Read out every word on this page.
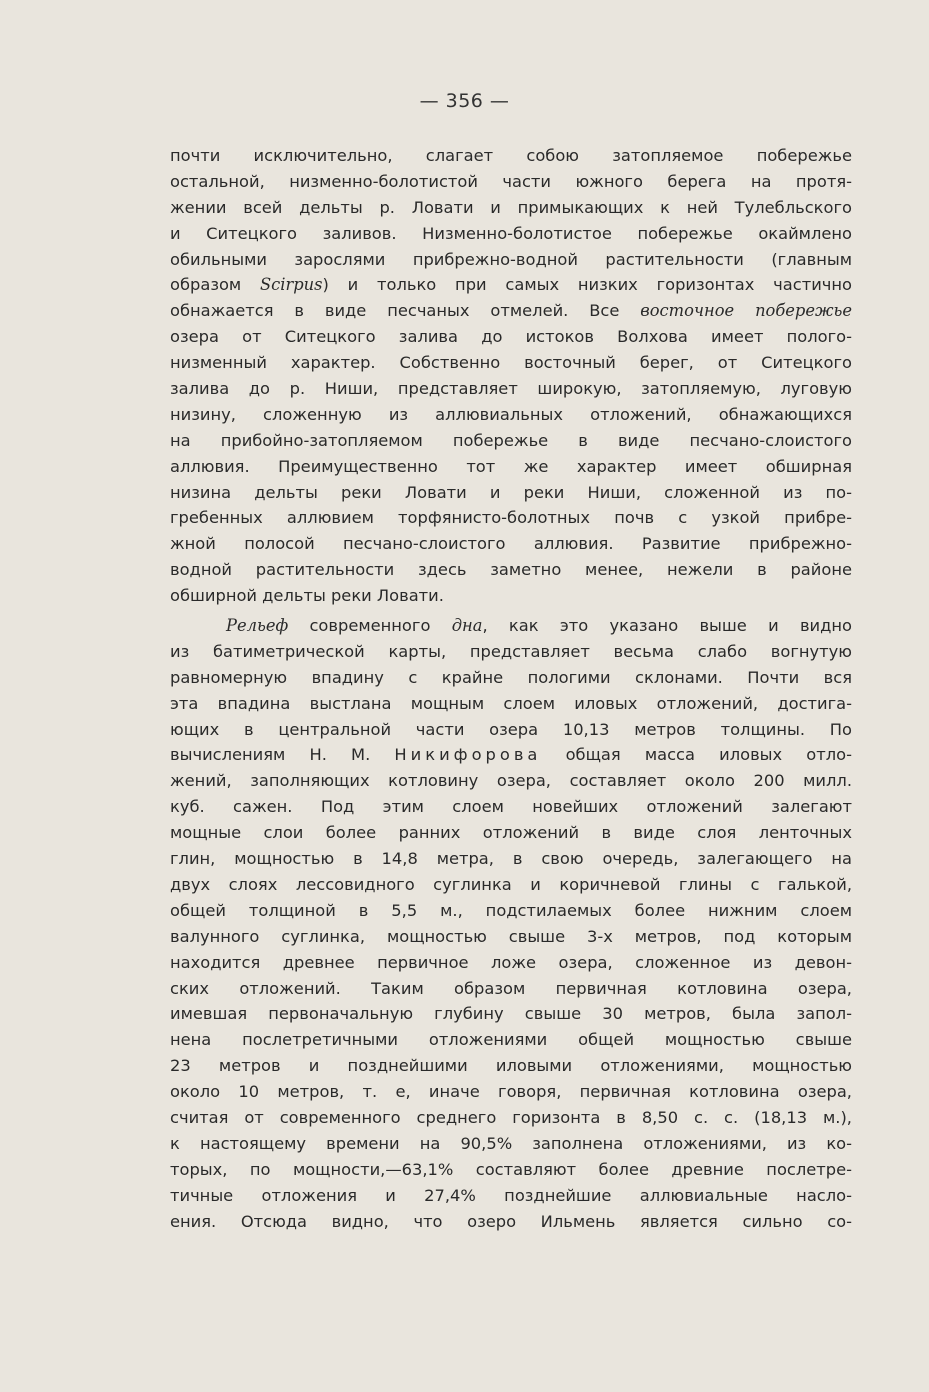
— 356 —
почти исключительно, слагает собою затопляемое побережье
остальной, низменно-болотистой части южного берега на протя-
жении всей дельты р. Ловати и примыкающих к ней Тулебльского
и Ситецкого заливов. Низменно-болотистое побережье окаймлено
обильными зарослями прибрежно-водной растительности (главным
образом Scirpus) и только при самых низких горизонтах частично
обнажается в виде песчаных отмелей. Все восточное побережье
озера от Ситецкого залива до истоков Волхова имеет полого-
низменный характер. Собственно восточный берег, от Ситецкого
залива до р. Ниши, представляет широкую, затопляемую, луговую
низину, сложенную из аллювиальных отложений, обнажающихся
на прибойно-затопляемом побережье в виде песчано-слоистого
аллювия. Преимущественно тот же характер имеет обширная
низина дельты реки Ловати и реки Ниши, сложенной из по-
гребенных аллювием торфянисто-болотных почв с узкой прибре-
жной полосой песчано-слоистого аллювия. Развитие прибрежно-
водной растительности здесь заметно менее, нежели в районе
обширной дельты реки Ловати.
Рельеф современного дна, как это указано выше и видно
из батиметрической карты, представляет весьма слабо вогнутую
равномерную впадину с крайне пологими склонами. Почти вся
эта впадина выстлана мощным слоем иловых отложений, достига-
ющих в центральной части озера 10,13 метров толщины. По
вычислениям Н. М. Никифорова общая масса иловых отло-
жений, заполняющих котловину озера, составляет около 200 милл.
куб. сажен. Под этим слоем новейших отложений залегают
мощные слои более ранних отложений в виде слоя ленточных
глин, мощностью в 14,8 метра, в свою очередь, залегающего на
двух слоях лессовидного суглинка и коричневой глины с галькой,
общей толщиной в 5,5 м., подстилаемых более нижним слоем
валунного суглинка, мощностью свыше 3-х метров, под которым
находится древнее первичное ложе озера, сложенное из девон-
ских отложений. Таким образом первичная котловина озера,
имевшая первоначальную глубину свыше 30 метров, была запол-
нена послетретичными отложениями общей мощностью свыше
23 метров и позднейшими иловыми отложениями, мощностью
около 10 метров, т. е, иначе говоря, первичная котловина озера,
считая от современного среднего горизонта в 8,50 с. с. (18,13 м.),
к настоящему времени на 90,5% заполнена отложениями, из ко-
торых, по мощности,—63,1% составляют более древние послетре-
тичные отложения и 27,4% позднейшие аллювиальные насло-
ения. Отсюда видно, что озеро Ильмень является сильно со-
